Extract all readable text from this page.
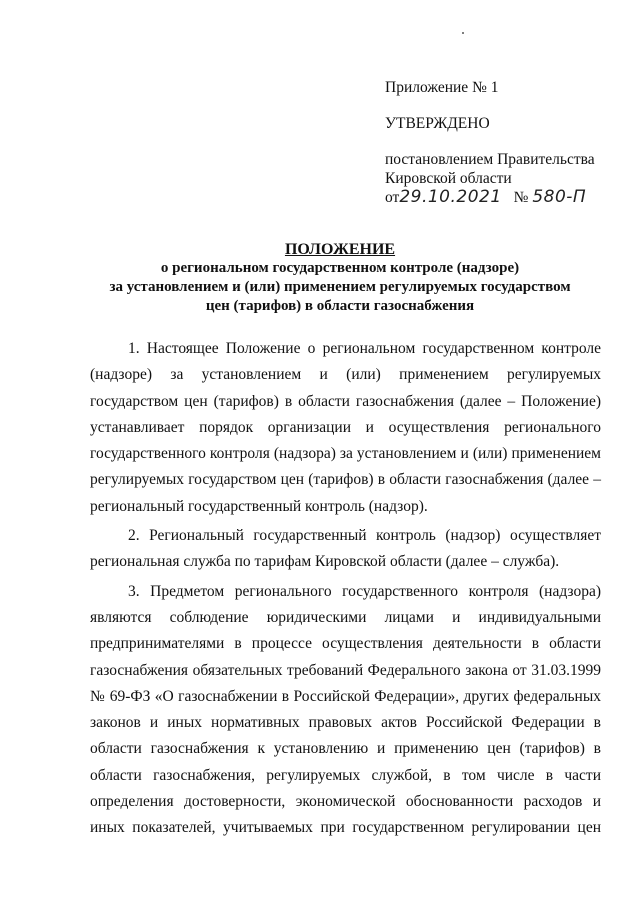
Приложение № 1
УТВЕРЖДЕНО
постановлением Правительства
Кировской области
от29.10.2021 № 580-П
ПОЛОЖЕНИЕ
о региональном государственном контроле (надзоре)
за установлением и (или) применением регулируемых государством
цен (тарифов) в области газоснабжения

1. Настоящее Положение о региональном государственном контроле (надзоре) за установлением и (или) применением регулируемых государством цен (тарифов) в области газоснабжения (далее – Положение) устанавливает порядок организации и осуществления регионального государственного контроля (надзора) за установлением и (или) применением регулируемых государством цен (тарифов) в области газоснабжения (далее – региональный государственный контроль (надзор).

2. Региональный государственный контроль (надзор) осуществляет региональная служба по тарифам Кировской области (далее – служба).

3. Предметом регионального государственного контроля (надзора) являются соблюдение юридическими лицами и индивидуальными предпринимателями в процессе осуществления деятельности в области газоснабжения обязательных требований Федерального закона от 31.03.1999 № 69-ФЗ «О газоснабжении в Российской Федерации», других федеральных законов и иных нормативных правовых актов Российской Федерации в области газоснабжения к установлению и применению цен (тарифов) в области газоснабжения, регулируемых службой, в том числе в части определения достоверности, экономической обоснованности расходов и иных показателей, учитываемых при государственном регулировании цен
